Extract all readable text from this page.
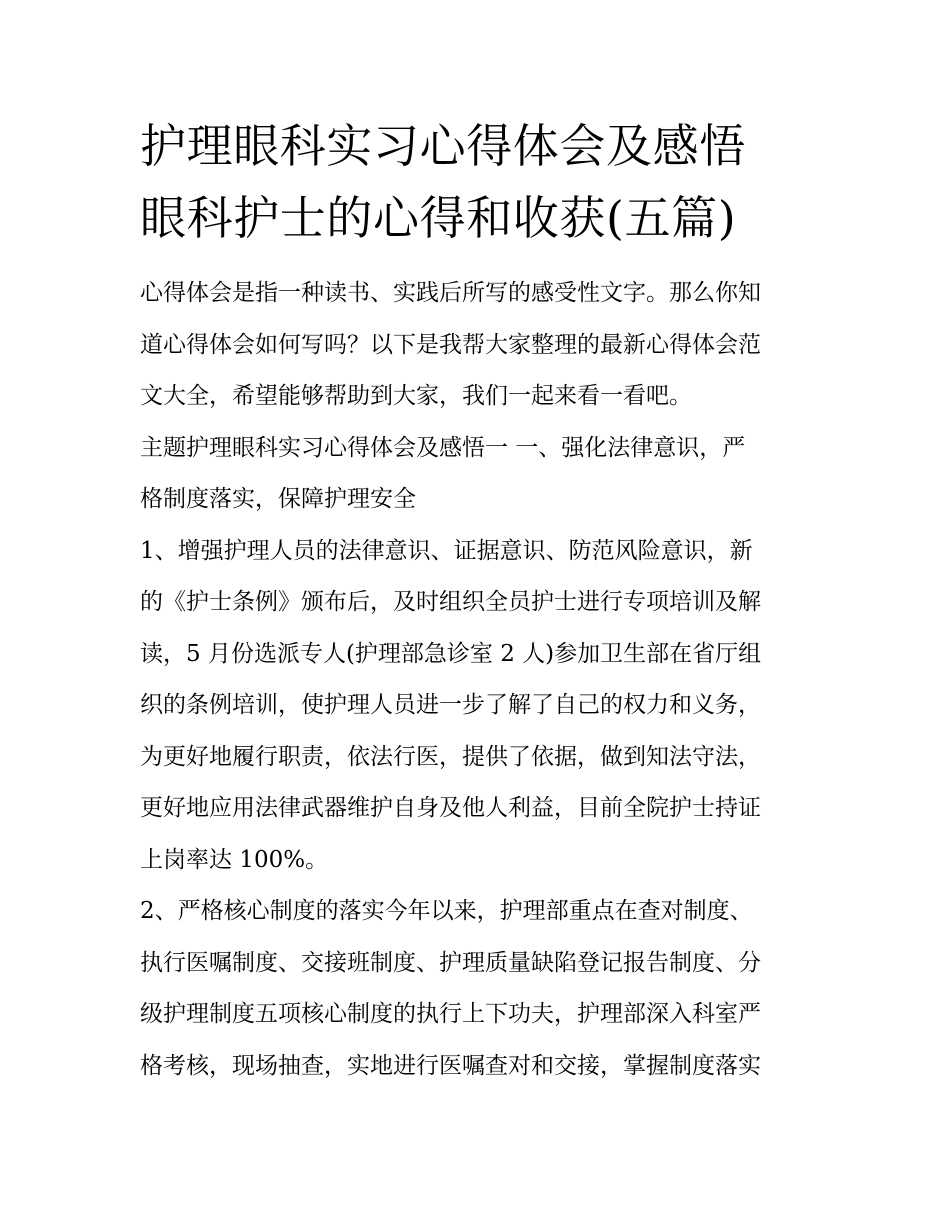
护理眼科实习心得体会及感悟
眼科护士的心得和收获(五篇)
心得体会是指一种读书、实践后所写的感受性文字。那么你知
道心得体会如何写吗？以下是我帮大家整理的最新心得体会范
文大全，希望能够帮助到大家，我们一起来看一看吧。
主题护理眼科实习心得体会及感悟一 一、强化法律意识，严
格制度落实，保障护理安全
1、增强护理人员的法律意识、证据意识、防范风险意识，新
的《护士条例》颁布后，及时组织全员护士进行专项培训及解
读，5 月份选派专人(护理部急诊室 2 人)参加卫生部在省厅组
织的条例培训，使护理人员进一步了解了自己的权力和义务，
为更好地履行职责，依法行医，提供了依据，做到知法守法，
更好地应用法律武器维护自身及他人利益，目前全院护士持证
上岗率达 100%。
2、严格核心制度的落实今年以来，护理部重点在查对制度、
执行医嘱制度、交接班制度、护理质量缺陷登记报告制度、分
级护理制度五项核心制度的执行上下功夫，护理部深入科室严
格考核，现场抽查，实地进行医嘱查对和交接，掌握制度落实
